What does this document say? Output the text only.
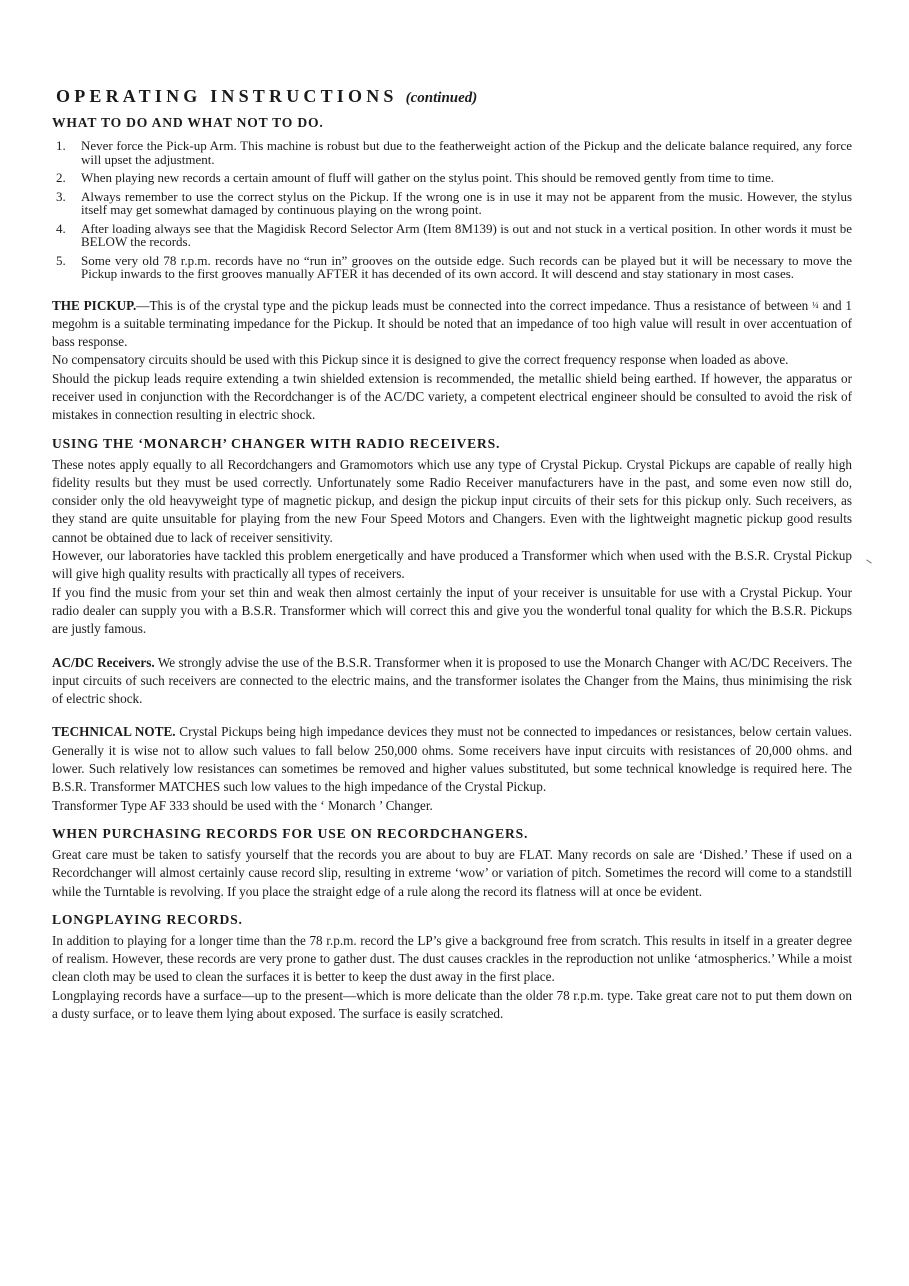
OPERATING INSTRUCTIONS (continued)
WHAT TO DO AND WHAT NOT TO DO.
1. Never force the Pick-up Arm. This machine is robust but due to the featherweight action of the Pickup and the delicate balance required, any force will upset the adjustment.
2. When playing new records a certain amount of fluff will gather on the stylus point. This should be removed gently from time to time.
3. Always remember to use the correct stylus on the Pickup. If the wrong one is in use it may not be apparent from the music. However, the stylus itself may get somewhat damaged by continuous playing on the wrong point.
4. After loading always see that the Magidisk Record Selector Arm (Item 8M139) is out and not stuck in a vertical position. In other words it must be BELOW the records.
5. Some very old 78 r.p.m. records have no “run in” grooves on the outside edge. Such records can be played but it will be necessary to move the Pickup inwards to the first grooves manually AFTER it has decended of its own accord. It will descend and stay stationary in most cases.

THE PICKUP.—This is of the crystal type and the pickup leads must be connected into the correct impedance. Thus a resistance of between ¼ and 1 megohm is a suitable terminating impedance for the Pickup. It should be noted that an impedance of too high value will result in over accentuation of bass response.

No compensatory circuits should be used with this Pickup since it is designed to give the correct frequency response when loaded as above.

Should the pickup leads require extending a twin shielded extension is recommended, the metallic shield being earthed. If however, the apparatus or receiver used in conjunction with the Recordchanger is of the AC/DC variety, a competent electrical engineer should be consulted to avoid the risk of mistakes in connection resulting in electric shock.

USING THE ‘MONARCH’ CHANGER WITH RADIO RECEIVERS.

These notes apply equally to all Recordchangers and Gramomotors which use any type of Crystal Pickup. Crystal Pickups are capable of really high fidelity results but they must be used correctly. Unfortunately some Radio Receiver manufacturers have in the past, and some even now still do, consider only the old heavyweight type of magnetic pickup, and design the pickup input circuits of their sets for this pickup only. Such receivers, as they stand are quite unsuitable for playing from the new Four Speed Motors and Changers. Even with the lightweight magnetic pickup good results cannot be obtained due to lack of receiver sensitivity.

However, our laboratories have tackled this problem energetically and have produced a Transformer which when used with the B.S.R. Crystal Pickup will give high quality results with practically all types of receivers.

If you find the music from your set thin and weak then almost certainly the input of your receiver is unsuitable for use with a Crystal Pickup. Your radio dealer can supply you with a B.S.R. Transformer which will correct this and give you the wonderful tonal quality for which the B.S.R. Pickups are justly famous.

AC/DC Receivers. We strongly advise the use of the B.S.R. Transformer when it is proposed to use the Monarch Changer with AC/DC Receivers. The input circuits of such receivers are connected to the electric mains, and the transformer isolates the Changer from the Mains, thus minimising the risk of electric shock.

TECHNICAL NOTE. Crystal Pickups being high impedance devices they must not be connected to impedances or resistances, below certain values. Generally it is wise not to allow such values to fall below 250,000 ohms. Some receivers have input circuits with resistances of 20,000 ohms. and lower. Such relatively low resistances can sometimes be removed and higher values substituted, but some technical knowledge is required here. The B.S.R. Transformer MATCHES such low values to the high impedance of the Crystal Pickup.

Transformer Type AF 333 should be used with the ‘ Monarch ’ Changer.

WHEN PURCHASING RECORDS FOR USE ON RECORDCHANGERS.

Great care must be taken to satisfy yourself that the records you are about to buy are FLAT. Many records on sale are ‘Dished.’ These if used on a Recordchanger will almost certainly cause record slip, resulting in extreme ‘wow’ or variation of pitch. Sometimes the record will come to a standstill while the Turntable is revolving. If you place the straight edge of a rule along the record its flatness will at once be evident.

LONGPLAYING RECORDS.

In addition to playing for a longer time than the 78 r.p.m. record the LP’s give a background free from scratch. This results in itself in a greater degree of realism. However, these records are very prone to gather dust. The dust causes crackles in the reproduction not unlike ‘atmospherics.’ While a moist clean cloth may be used to clean the surfaces it is better to keep the dust away in the first place.

Longplaying records have a surface—up to the present—which is more delicate than the older 78 r.p.m. type. Take great care not to put them down on a dusty surface, or to leave them lying about exposed. The surface is easily scratched.
